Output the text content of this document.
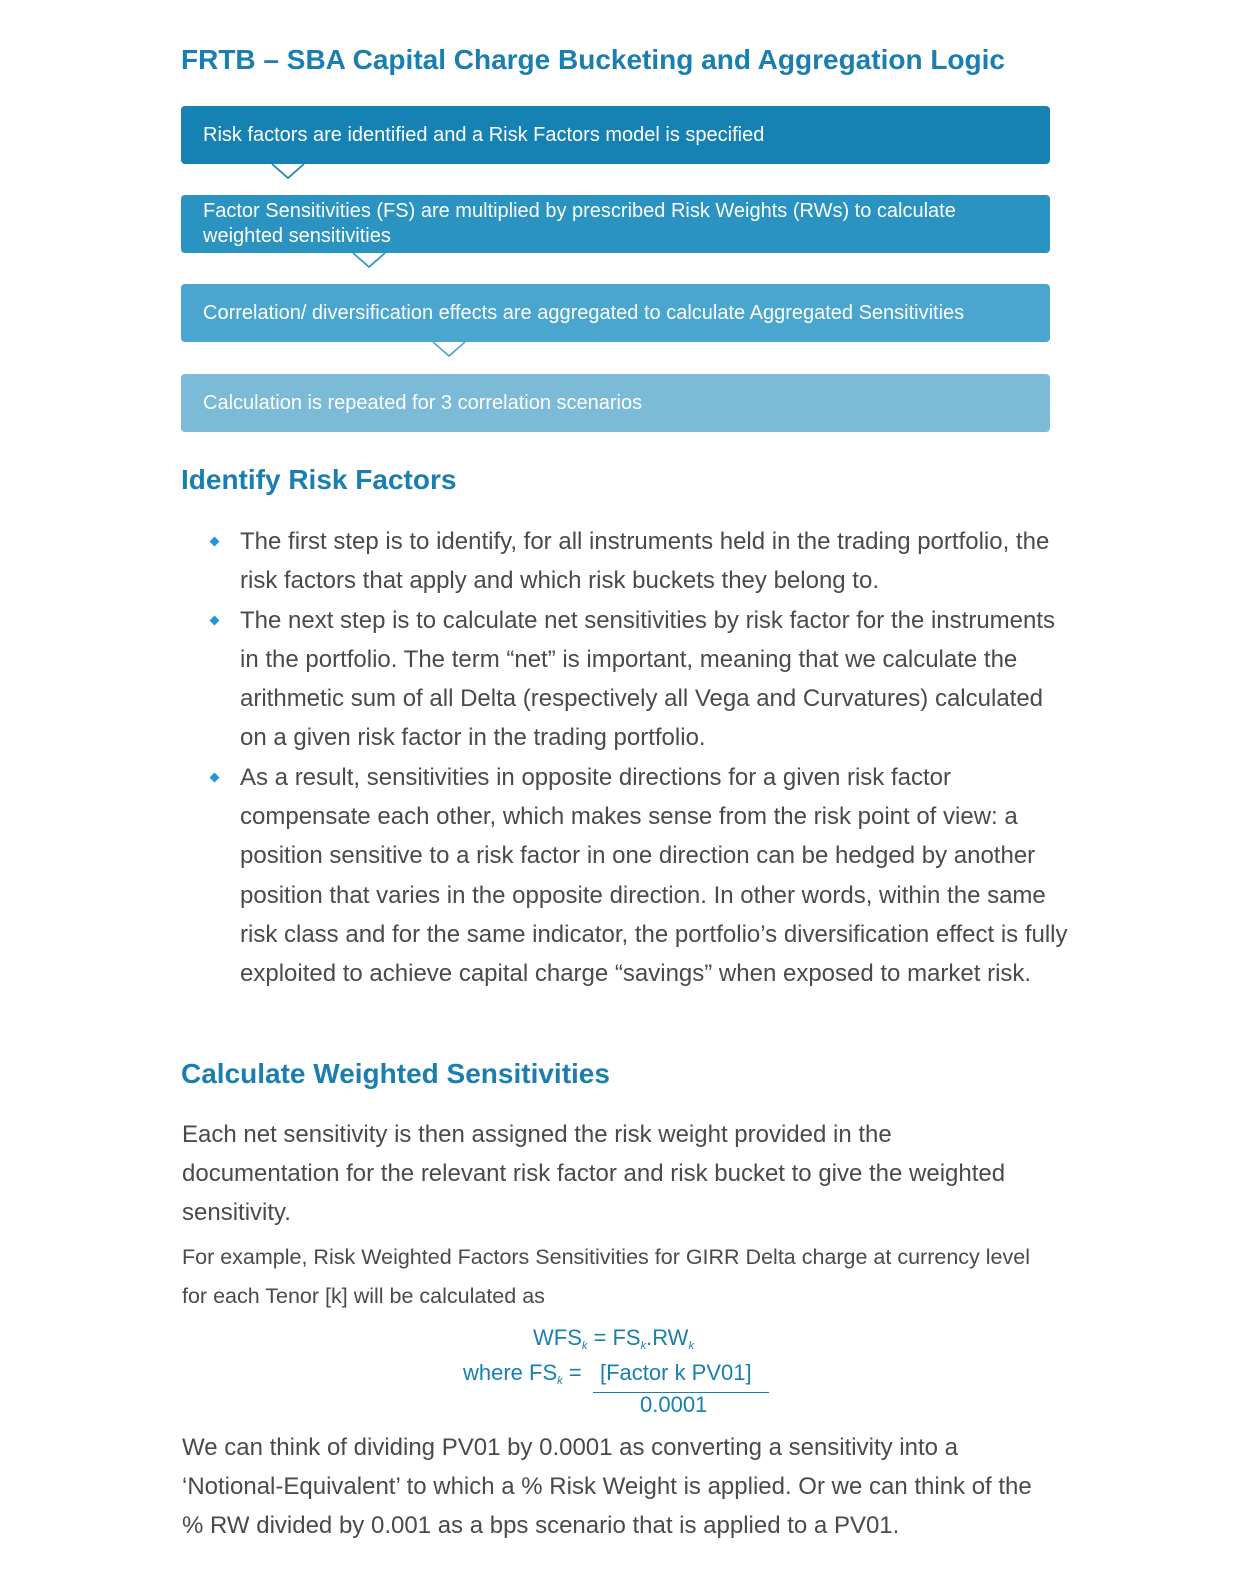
FRTB – SBA Capital Charge Bucketing and Aggregation Logic
Risk factors are identified and a Risk Factors model is specified
Factor Sensitivities (FS) are multiplied by prescribed Risk Weights (RWs) to calculate weighted sensitivities
Correlation/ diversification effects are aggregated to calculate Aggregated Sensitivities
Calculation is repeated for 3 correlation scenarios
Identify Risk Factors
The first step is to identify, for all instruments held in the trading portfolio, the risk factors that apply and which risk buckets they belong to.
The next step is to calculate net sensitivities by risk factor for the instruments in the portfolio. The term “net” is important, meaning that we calculate the arithmetic sum of all Delta (respectively all Vega and Curvatures) calculated on a given risk factor in the trading portfolio.
As a result, sensitivities in opposite directions for a given risk factor compensate each other, which makes sense from the risk point of view: a position sensitive to a risk factor in one direction can be hedged by another position that varies in the opposite direction. In other words, within the same risk class and for the same indicator, the portfolio’s diversification effect is fully exploited to achieve capital charge “savings” when exposed to market risk.
Calculate Weighted Sensitivities

Each net sensitivity is then assigned the risk weight provided in the documentation for the relevant risk factor and risk bucket to give the weighted sensitivity.

For example, Risk Weighted Factors Sensitivities for GIRR Delta charge at currency level for each Tenor [k] will be calculated as

$WFS_k = FS_k.RW_k$
where $FS_k$ = [Factor k PV01]
0.0001

We can think of dividing PV01 by 0.0001 as converting a sensitivity into a ‘Notional-Equivalent’ to which a % Risk Weight is applied. Or we can think of the % RW divided by 0.001 as a bps scenario that is applied to a PV01.
